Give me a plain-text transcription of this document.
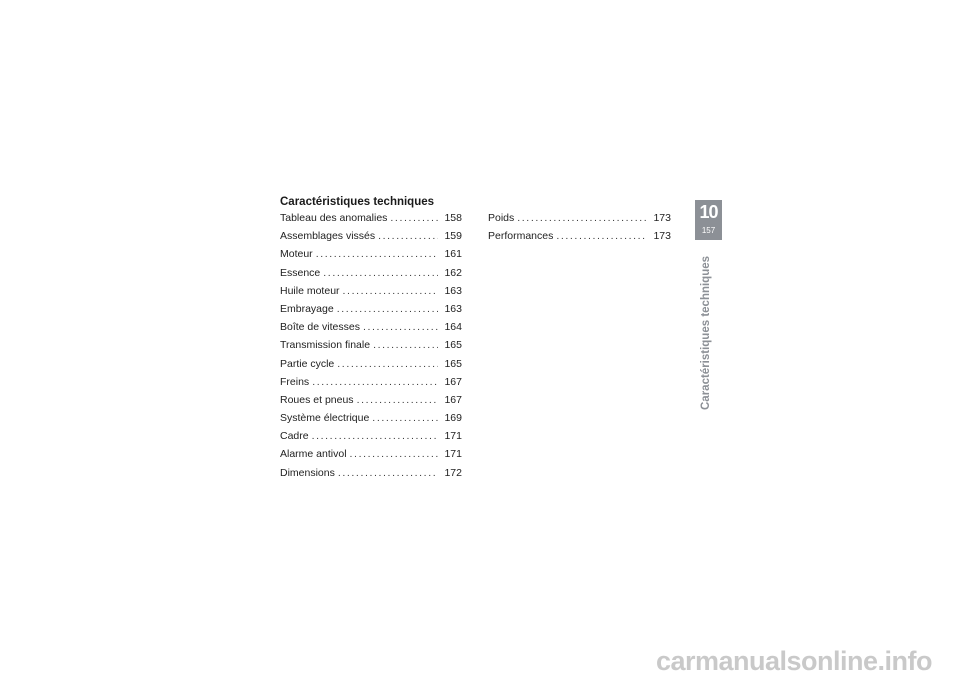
Caractéristiques techniques
Tableau des anomalies .....	158
Assemblages vissés .....	159
Moteur .....	161
Essence .....	162
Huile moteur .....	163
Embrayage .....	163
Boîte de vitesses .....	164
Transmission finale .....	165
Partie cycle .....	165
Freins .....	167
Roues et pneus .....	167
Système électrique .....	169
Cadre .....	171
Alarme antivol .....	171
Dimensions .....	172
Poids .....	173
Performances .....	173
10
157
Caractéristiques techniques
carmanualsonline.info
